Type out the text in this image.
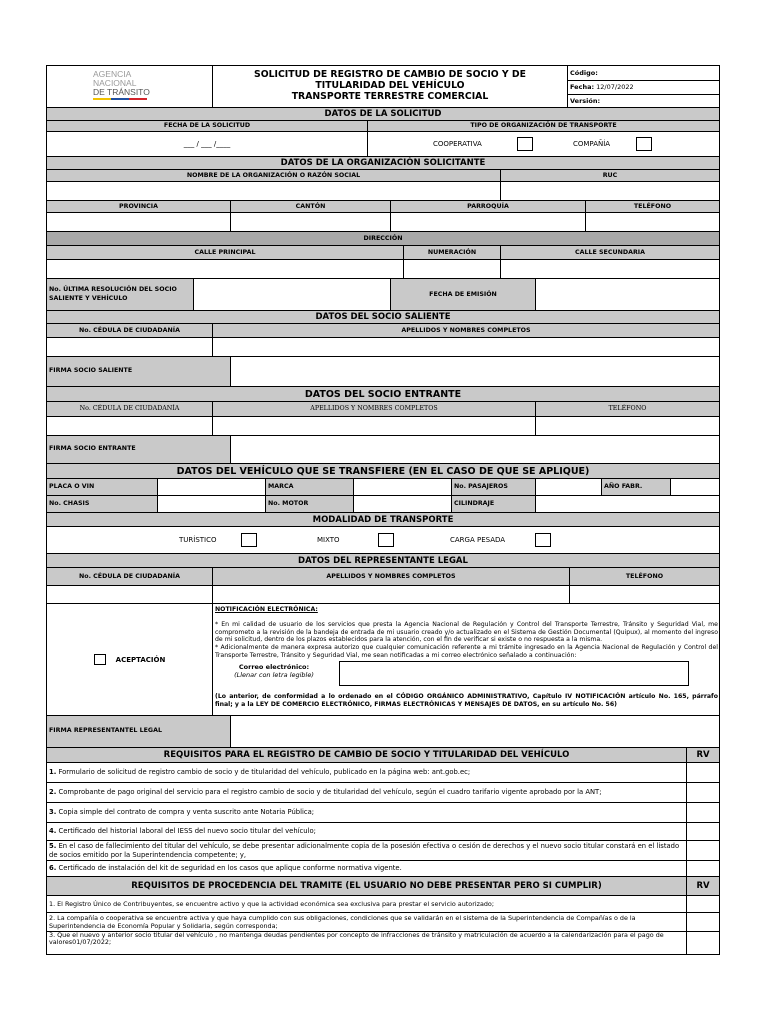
AGENCIA
NACIONAL
DE TRÁNSITO
SOLICITUD DE REGISTRO DE CAMBIO DE SOCIO Y DE
TITULARIDAD DEL VEHÍCULO
TRANSPORTE TERRESTRE COMERCIAL
Código:
Fecha:
12/07/2022
Versión:
DATOS DE LA SOLICITUD
FECHA DE LA SOLICITUD	TIPO DE ORGANIZACIÓN DE TRANSPORTE
___ / ___ /____	COOPERATIVA	COMPAÑÍA
DATOS DE LA ORGANIZACIÓN SOLICITANTE
NOMBRE DE LA ORGANIZACIÓN O RAZÓN SOCIAL	RUC
PROVINCIA	CANTÓN	PARROQUÍA	TELÉFONO
DIRECCIÓN
CALLE PRINCIPAL	NUMERACIÓN	CALLE SECUNDARIA
No. ÚLTIMA RESOLUCIÓN DEL SOCIO SALIENTE Y VEHÍCULO
FECHA DE EMISIÓN
DATOS DEL SOCIO SALIENTE
No. CÉDULA DE CIUDADANÍA	APELLIDOS Y NOMBRES COMPLETOS
FIRMA SOCIO SALIENTE
DATOS DEL SOCIO ENTRANTE
No. CÉDULA DE CIUDADANÍA	APELLIDOS Y NOMBRES COMPLETOS	TELÉFONO
FIRMA SOCIO ENTRANTE
DATOS DEL VEHÍCULO QUE SE TRANSFIERE (EN EL CASO DE QUE SE APLIQUE)
PLACA O VIN	MARCA	No. PASAJEROS	AÑO FABR.
No. CHASIS	No. MOTOR	CILINDRAJE
MODALIDAD DE TRANSPORTE
TURÍSTICO	MIXTO	CARGA PESADA
DATOS DEL REPRESENTANTE LEGAL
No. CÉDULA DE CIUDADANÍA	APELLIDOS Y NOMBRES COMPLETOS	TELÉFONO
ACEPTACIÓN
NOTIFICACIÓN ELECTRÓNICA:
* En mi calidad de usuario de los servicios que presta la Agencia Nacional de Regulación y Control del Transporte Terrestre, Tránsito y Seguridad Vial, me comprometo a la revisión de la bandeja de entrada de mi usuario creado y/o actualizado en el Sistema de Gestión Documental (Quipux), al momento del ingreso de mi solicitud, dentro de los plazos establecidos para la atención, con el fin de verificar si existe o no respuesta a la misma.
* Adicionalmente de manera expresa autorizo que cualquier comunicación referente a mi trámite ingresado en la Agencia Nacional de Regulación y Control del Transporte Terrestre, Tránsito y Seguridad Vial, me sean notificadas a mi correo electrónico señalado a continuación:
Correo electrónico:
(Llenar con letra legible)
(Lo anterior, de conformidad a lo ordenado en el CÓDIGO ORGÁNICO ADMINISTRATIVO, Capítulo IV NOTIFICACIÓN artículo No. 165, párrafo final; y a la LEY DE COMERCIO ELECTRÓNICO, FIRMAS ELECTRÓNICAS Y MENSAJES DE DATOS, en su artículo No. 56)
FIRMA REPRESENTANTEL LEGAL
REQUISITOS PARA EL REGISTRO DE CAMBIO DE SOCIO Y TITULARIDAD DEL VEHÍCULO	RV
1. Formulario de solicitud de registro cambio de socio y de titularidad del vehículo, publicado en la página web: ant.gob.ec;
2. Comprobante de pago original del servicio para el registro cambio de socio y de titularidad del vehículo, según el cuadro tarifario vigente aprobado por la ANT;
3. Copia simple del contrato de compra y venta suscrito ante Notaria Pública;
4. Certificado del historial laboral del IESS del nuevo socio titular del vehículo;
5. En el caso de fallecimiento del titular del vehículo, se debe presentar adicionalmente copia de la posesión efectiva o cesión de derechos y el nuevo socio titular constará en el listado de socios emitido por la Superintendencia competente; y,
6. Certificado de instalación del kit de seguridad en los casos que aplique conforme normativa vigente.
REQUISITOS DE PROCEDENCIA DEL TRAMITE (EL USUARIO NO DEBE PRESENTAR PERO SI CUMPLIR)	RV
1. El Registro Único de Contribuyentes, se encuentre activo y que la actividad económica sea exclusiva para prestar el servicio autorizado;
2. La compañía o cooperativa se encuentre activa y que haya cumplido con sus obligaciones, condiciones que se validarán en el sistema de la Superintendencia de Compañías o de la Superintendencia de Economía Popular y Solidaria, según corresponda;
3. Que el nuevo y anterior socio titular del vehículo , no mantenga deudas pendientes por concepto de infracciones de tránsito y matriculación de acuerdo a la calendarización para el pago de valores01/07/2022;
